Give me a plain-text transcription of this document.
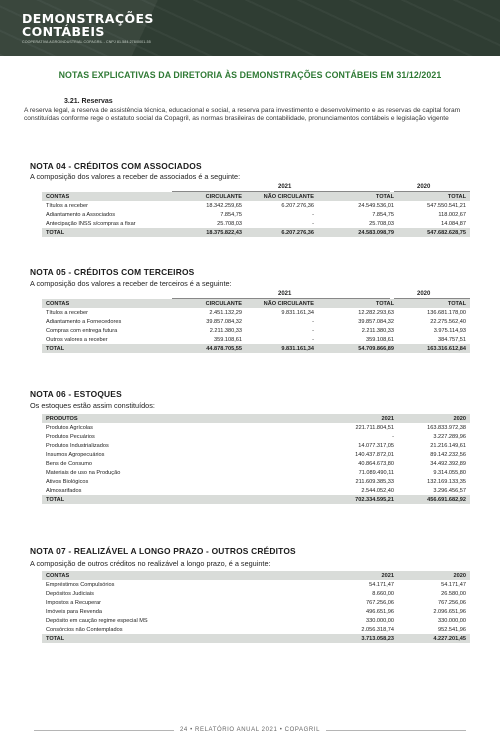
DEMONSTRAÇÕES
CONTÁBEIS
COOPERATIVA AGROINDUSTRIAL COPAGRIL - CNPJ 81.584.278/0001-55
NOTAS EXPLICATIVAS DA DIRETORIA ÀS DEMONSTRAÇÕES CONTÁBEIS EM 31/12/2021
3.21. Reservas
A reserva legal, a reserva de assistência técnica, educacional e social, a reserva para investimento e desenvolvimento e as reservas de capital foram constituídas conforme rege o estatuto social da Copagril, as normas brasileiras de contabilidade, pronunciamentos contábeis e legislação vigente
NOTA 04 - CRÉDITOS COM ASSOCIADOS
A composição dos valores a receber de associados é a seguinte:
2021	2020
CONTAS	CIRCULANTE	NÃO CIRCULANTE	TOTAL	TOTAL
Títulos a receber	18.342.259,65	6.207.276,36	24.549.536,01	547.550.541,21
Adiantamento a Associados	7.854,75	-	7.854,75	118.002,67
Antecipação INSS s/compras a fixar	25.708,03	-	25.708,03	14.084,87
TOTAL	18.375.822,43	6.207.276,36	24.583.098,79	547.682.628,75
NOTA 05 - CRÉDITOS COM TERCEIROS
A composição dos valores a receber de terceiros é a seguinte:
2021	2020
CONTAS	CIRCULANTE	NÃO CIRCULANTE	TOTAL	TOTAL
Títulos a receber	2.451.132,29	9.831.161,34	12.282.293,63	136.681.178,00
Adiantamento a Fornecedores	39.857.084,32	-	39.857.084,32	22.275.562,40
Compras com entrega futura	2.211.380,33	-	2.211.380,33	3.975.114,93
Outros valores a receber	359.108,61	-	359.108,61	384.757,51
TOTAL	44.878.705,55	9.831.161,34	54.709.866,89	163.316.612,84
NOTA 06 - ESTOQUES
Os estoques estão assim constituídos:
PRODUTOS	2021	2020
Produtos Agrícolas	221.711.804,51	163.833.972,38
Produtos Pecuários	-	3.227.289,96
Produtos Industrializados	14.077.317,05	21.216.149,61
Insumos Agropecuários	140.437.872,01	89.142.232,56
Bens de Consumo	40.864.673,80	34.492.392,89
Materiais de uso na Produção	71.089.490,11	9.314.055,80
Ativos Biológicos	211.609.385,33	132.169.133,35
Almoxarifados	2.544.052,40	3.296.456,57
TOTAL	702.334.595,21	456.691.682,92
NOTA 07 - REALIZÁVEL A LONGO PRAZO - OUTROS CRÉDITOS
A composição de outros créditos no realizável a longo prazo, é a seguinte:
CONTAS	2021	2020
Empréstimos Compulsórios	54.171,47	54.171,47
Depósitos Judiciais	8.660,00	26.580,00
Impostos a Recuperar	767.256,06	767.256,06
Imóveis para Revenda	496.651,96	2.096.651,96
Depósito em caução regime especial MS	330.000,00	330.000,00
Consórcios não Contemplados	2.056.318,74	952.541,96
TOTAL	3.713.058,23	4.227.201,45
24 • RELATÓRIO ANUAL 2021 • COPAGRIL
